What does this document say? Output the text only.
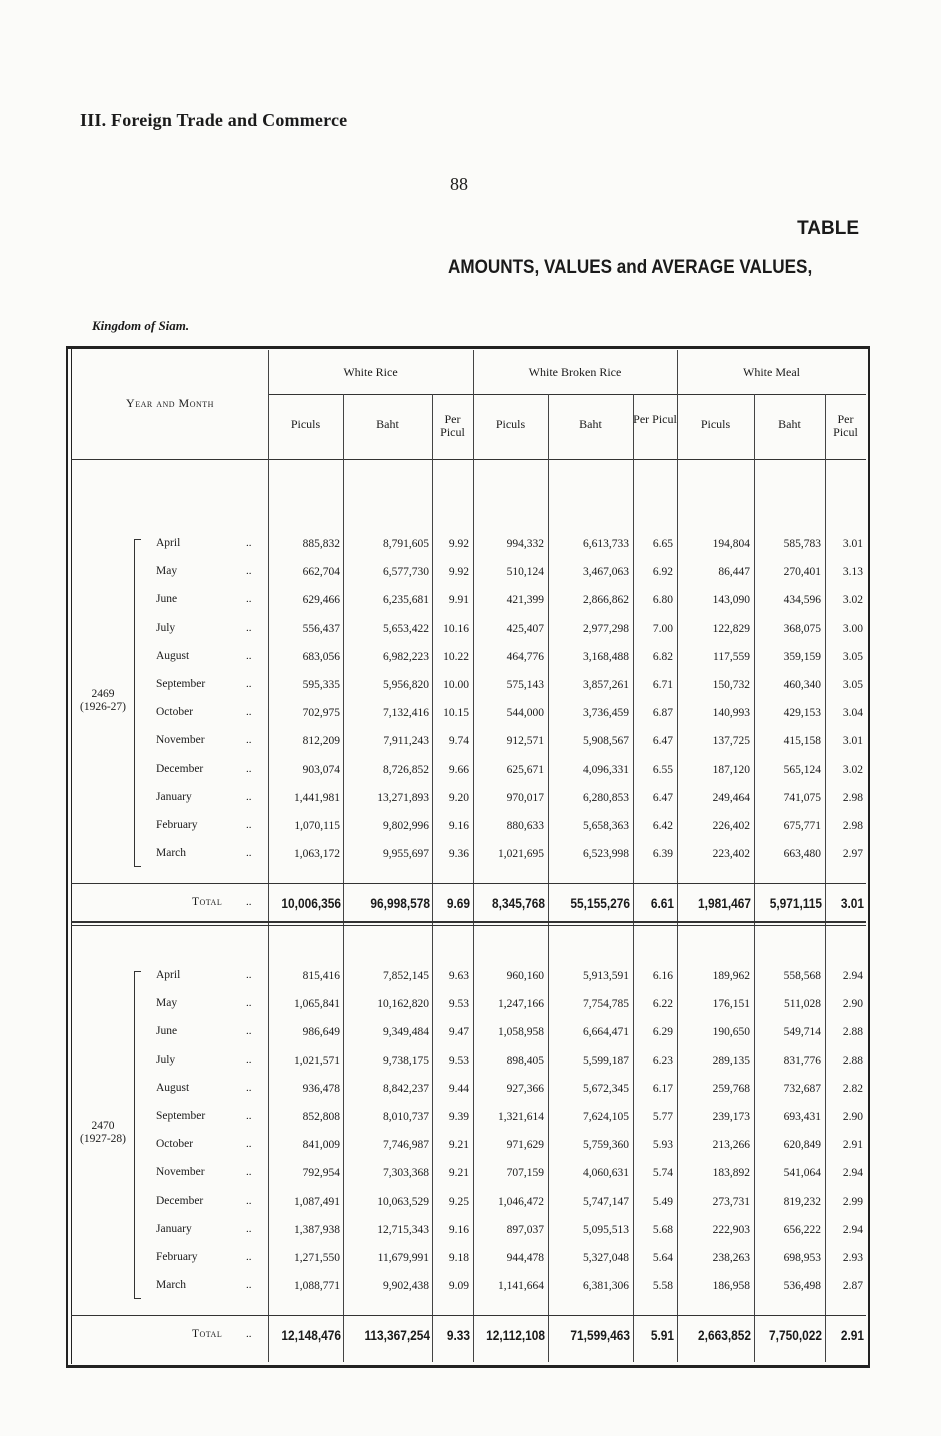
III. Foreign Trade and Commerce
88
TABLE
AMOUNTS, VALUES and AVERAGE VALUES,
Kingdom of Siam.
Year and Month
White Rice	White Broken Rice	White Meal
Piculs	Baht	Per Picul
Piculs	Baht	Per Picul	Piculs	Baht	Per Picul
2469
(1926-27)
April	..	885,832	8,791,605	9.92	994,332	6,613,733	6.65	194,804	585,783	3.01
May	..	662,704	6,577,730	9.92	510,124	3,467,063	6.92	86,447	270,401	3.13
June	..	629,466	6,235,681	9.91	421,399	2,866,862	6.80	143,090	434,596	3.02
July	..	556,437	5,653,422	10.16	425,407	2,977,298	7.00	122,829	368,075	3.00
August	..	683,056	6,982,223	10.22	464,776	3,168,488	6.82	117,559	359,159	3.05
September	..	595,335	5,956,820	10.00	575,143	3,857,261	6.71	150,732	460,340	3.05
October	..	702,975	7,132,416	10.15	544,000	3,736,459	6.87	140,993	429,153	3.04
November	..	812,209	7,911,243	9.74	912,571	5,908,567	6.47	137,725	415,158	3.01
December	..	903,074	8,726,852	9.66	625,671	4,096,331	6.55	187,120	565,124	3.02
January	..	1,441,981	13,271,893	9.20	970,017	6,280,853	6.47	249,464	741,075	2.98
February	..	1,070,115	9,802,996	9.16	880,633	5,658,363	6.42	226,402	675,771	2.98
March	..	1,063,172	9,955,697	9.36	1,021,695	6,523,998	6.39	223,402	663,480	2.97
Total ..	10,006,356	96,998,578	9.69	8,345,768	55,155,276	6.61	1,981,467	5,971,115	3.01
2470
(1927-28)
April	..	815,416	7,852,145	9.63	960,160	5,913,591	6.16	189,962	558,568	2.94
May	..	1,065,841	10,162,820	9.53	1,247,166	7,754,785	6.22	176,151	511,028	2.90
June	..	986,649	9,349,484	9.47	1,058,958	6,664,471	6.29	190,650	549,714	2.88
July	..	1,021,571	9,738,175	9.53	898,405	5,599,187	6.23	289,135	831,776	2.88
August	..	936,478	8,842,237	9.44	927,366	5,672,345	6.17	259,768	732,687	2.82
September	..	852,808	8,010,737	9.39	1,321,614	7,624,105	5.77	239,173	693,431	2.90
October	..	841,009	7,746,987	9.21	971,629	5,759,360	5.93	213,266	620,849	2.91
November	..	792,954	7,303,368	9.21	707,159	4,060,631	5.74	183,892	541,064	2.94
December	..	1,087,491	10,063,529	9.25	1,046,472	5,747,147	5.49	273,731	819,232	2.99
January	..	1,387,938	12,715,343	9.16	897,037	5,095,513	5.68	222,903	656,222	2.94
February	..	1,271,550	11,679,991	9.18	944,478	5,327,048	5.64	238,263	698,953	2.93
March	..	1,088,771	9,902,438	9.09	1,141,664	6,381,306	5.58	186,958	536,498	2.87
Total ..	12,148,476	113,367,254	9.33	12,112,108	71,599,463	5.91	2,663,852	7,750,022	2.91
